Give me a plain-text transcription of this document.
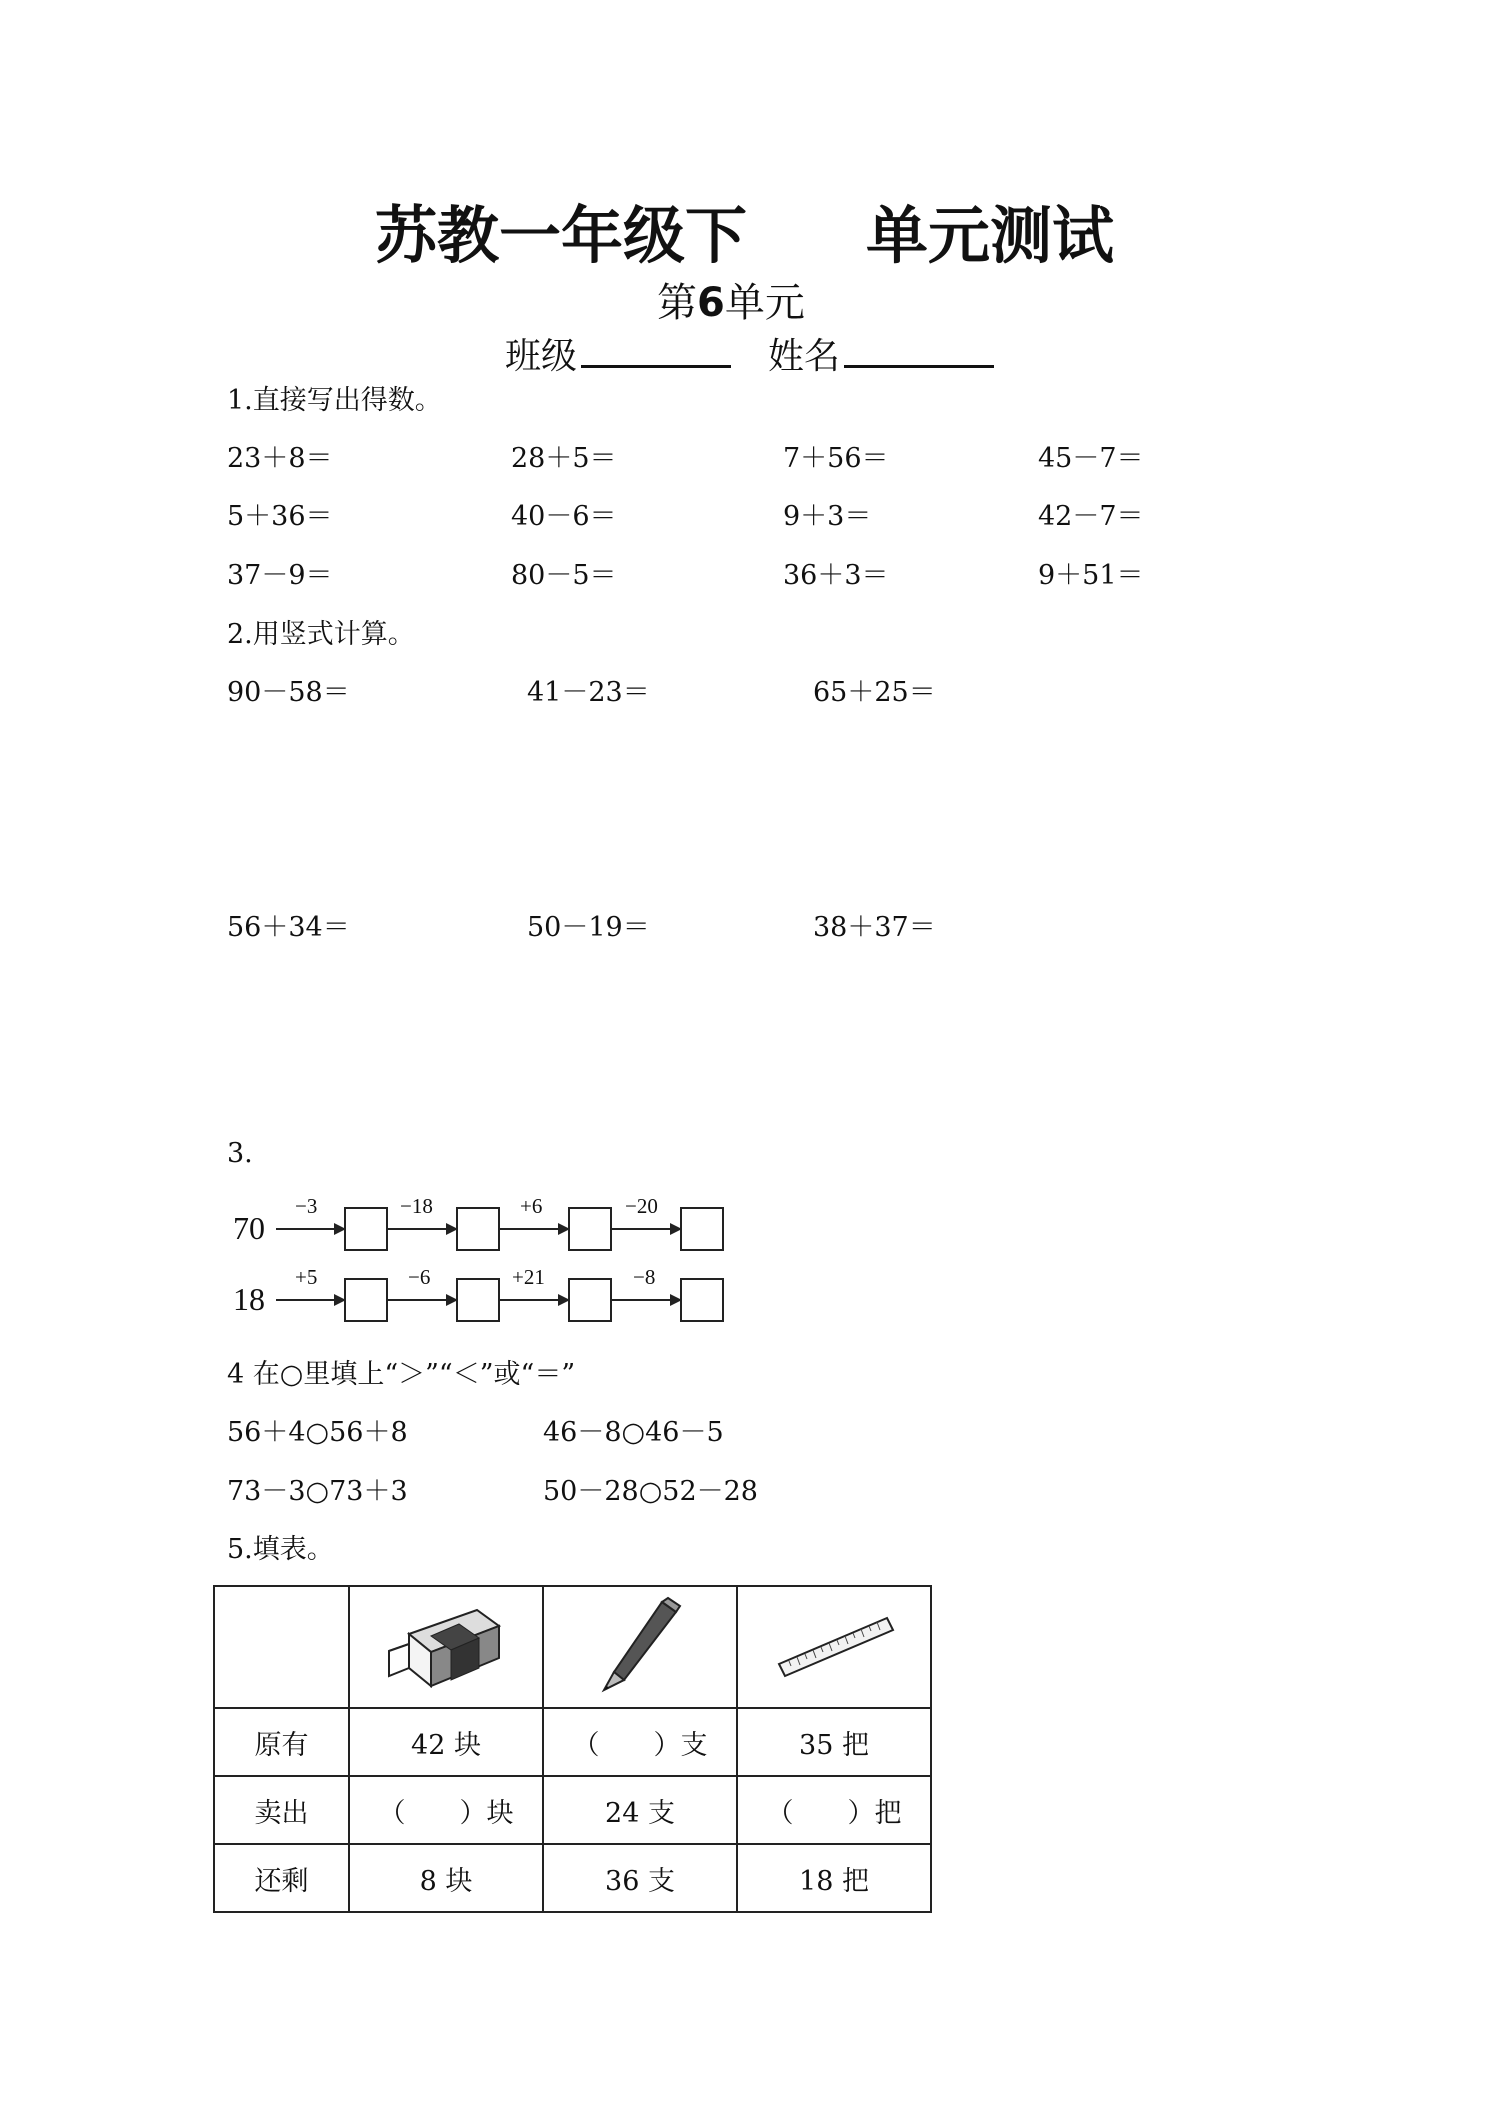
苏教一年级下 单元测试
第6单元
班级	姓名
1.直接写出得数。
23＋8＝	28＋5＝	7＋56＝	45－7＝
5＋36＝	40－6＝	9＋3＝	42－7＝
37－9＝	80－5＝	36＋3＝	9＋51＝
2.用竖式计算。
90－58＝	41－23＝	65＋25＝
56＋34＝	50－19＝	38＋37＝
3.
70
−3	−18	+6	−20
18
+5	−6	+21	−8
4 在○里填上“＞”“＜”或“＝”
56＋4○56＋8	46－8○46－5
73－3○73＋3	50－28○52－28
5.填表。

原有	42 块	（　　）支	35 把
卖出	（　　）块	24 支	（　　）把
还剩	8 块	36 支	18 把
